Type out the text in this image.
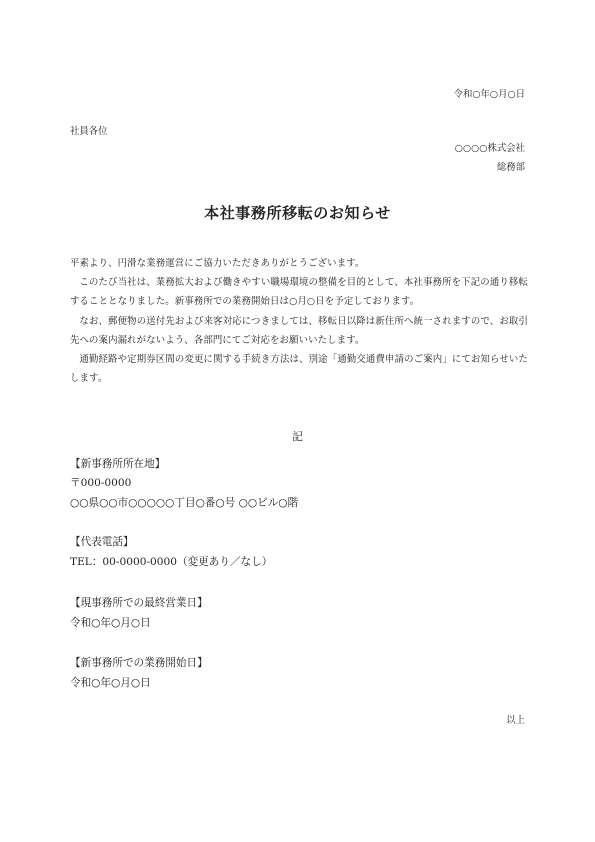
令和○年○月○日
社員各位
○○○○株式会社
総務部
本社事務所移転のお知らせ

平素より、円滑な業務運営にご協力いただきありがとうございます。

このたび当社は、業務拡大および働きやすい職場環境の整備を目的として、本社事務所を下記の通り移転することとなりました。新事務所での業務開始日は○月○日を予定しております。

なお、郵便物の送付先および来客対応につきましては、移転日以降は新住所へ統一されますので、お取引先への案内漏れがないよう、各部門にてご対応をお願いいたします。

通勤経路や定期券区間の変更に関する手続き方法は、別途「通勤交通費申請のご案内」にてお知らせいたします。

記
【新事務所所在地】
〒000-0000
○○県○○市○○○○○丁目○番○号 ○○ビル○階
【代表電話】
TEL：00-0000-0000（変更あり／なし）
【現事務所での最終営業日】
令和○年○月○日
【新事務所での業務開始日】
令和○年○月○日
以上
